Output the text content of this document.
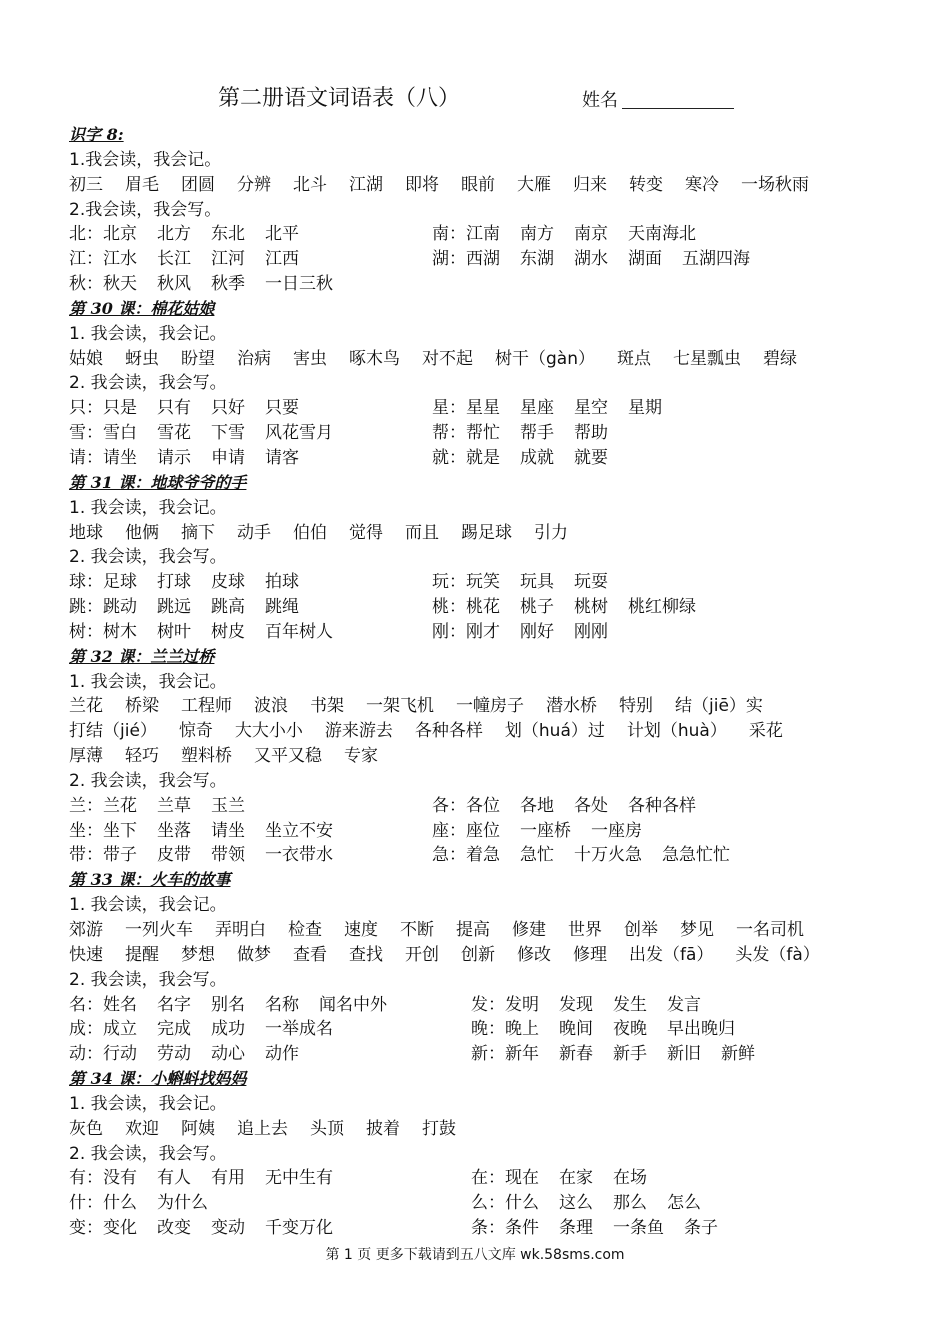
第二册语文词语表（八）	姓名
识字 8:
1.我会读，我会记。
初三 眉毛 团圆 分辨 北斗 江湖 即将 眼前 大雁 归来 转变 寒冷 一场秋雨
2.我会读，我会写。
北：北京 北方 东北 北平	南：江南 南方 南京 天南海北
江：江水 长江 江河 江西	湖：西湖 东湖 湖水 湖面 五湖四海
秋：秋天 秋风 秋季 一日三秋
第 30 课：棉花姑娘
1. 我会读，我会记。
姑娘 蚜虫 盼望 治病 害虫 啄木鸟 对不起 树干（gàn） 斑点 七星瓢虫 碧绿
2. 我会读，我会写。
只：只是 只有 只好 只要	星：星星 星座 星空 星期
雪：雪白 雪花 下雪 风花雪月	帮：帮忙 帮手 帮助
请：请坐 请示 申请 请客	就：就是 成就 就要
第 31 课：地球爷爷的手
1. 我会读，我会记。
地球 他俩 摘下 动手 伯伯 觉得 而且 踢足球 引力
2. 我会读，我会写。
球：足球 打球 皮球 拍球	玩：玩笑 玩具 玩耍
跳：跳动 跳远 跳高 跳绳	桃：桃花 桃子 桃树 桃红柳绿
树：树木 树叶 树皮 百年树人	刚：刚才 刚好 刚刚
第 32 课：兰兰过桥
1. 我会读，我会记。
兰花 桥梁 工程师 波浪 书架 一架飞机 一幢房子 潜水桥 特别 结（jiē）实
打结（jié） 惊奇 大大小小 游来游去 各种各样 划（huá）过 计划（huà） 采花
厚薄 轻巧 塑料桥 又平又稳 专家
2. 我会读，我会写。
兰：兰花 兰草 玉兰	各：各位 各地 各处 各种各样
坐：坐下 坐落 请坐 坐立不安	座：座位 一座桥 一座房
带：带子 皮带 带领 一衣带水	急：着急 急忙 十万火急 急急忙忙
第 33 课：火车的故事
1. 我会读，我会记。
郊游 一列火车 弄明白 检查 速度 不断 提高 修建 世界 创举 梦见 一名司机
快速 提醒 梦想 做梦 查看 查找 开创 创新 修改 修理 出发（fā） 头发（fà）
2. 我会读，我会写。
名：姓名 名字 别名 名称 闻名中外	发：发明 发现 发生 发言
成：成立 完成 成功 一举成名	晚：晚上 晚间 夜晚 早出晚归
动：行动 劳动 动心 动作	新：新年 新春 新手 新旧 新鲜
第 34 课：小蝌蚪找妈妈
1. 我会读，我会记。
灰色 欢迎 阿姨 追上去 头顶 披着 打鼓
2. 我会读，我会写。
有：没有 有人 有用 无中生有	在：现在 在家 在场
什：什么 为什么	么：什么 这么 那么 怎么
变：变化 改变 变动 千变万化	条：条件 条理 一条鱼 条子
第 1 页 更多下载请到五八文库 wk.58sms.com
